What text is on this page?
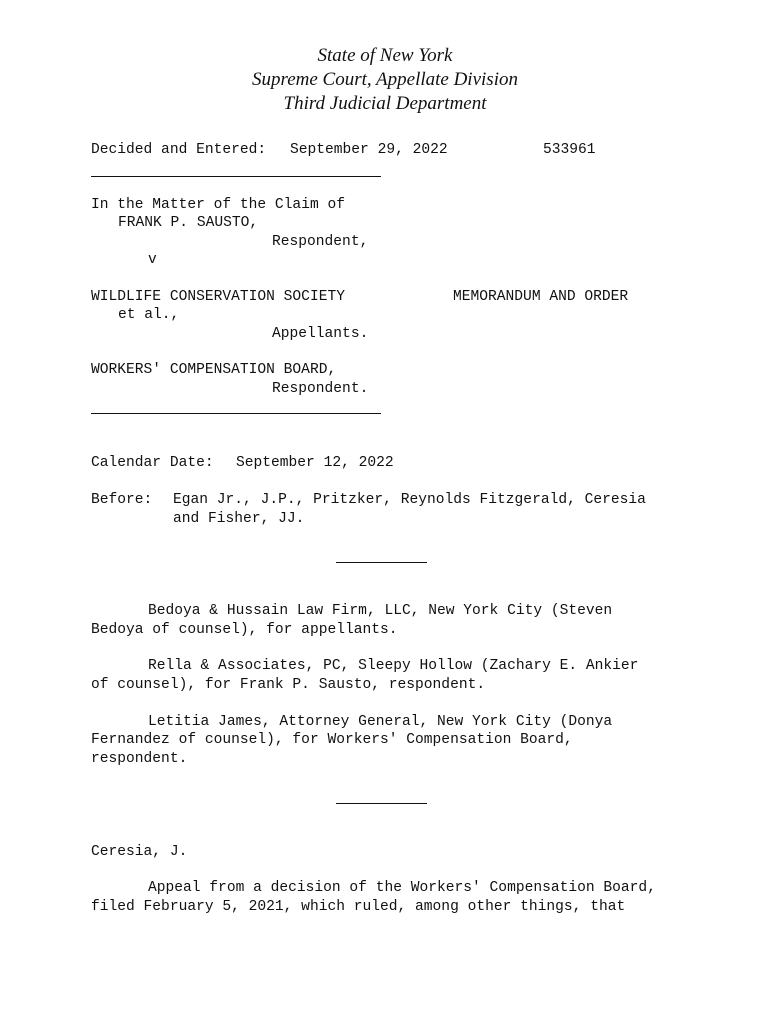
State of New York
Supreme Court, Appellate Division
Third Judicial Department
Decided and Entered: September 29, 2022	533961
In the Matter of the Claim of
FRANK P. SAUSTO,
Respondent,
v
WILDLIFE CONSERVATION SOCIETY	MEMORANDUM AND ORDER
et al.,
Appellants.
WORKERS' COMPENSATION BOARD,
Respondent.
Calendar Date: September 12, 2022
Before: Egan Jr., J.P., Pritzker, Reynolds Fitzgerald, Ceresia
and Fisher, JJ.
Bedoya & Hussain Law Firm, LLC, New York City (Steven
Bedoya of counsel), for appellants.
Rella & Associates, PC, Sleepy Hollow (Zachary E. Ankier
of counsel), for Frank P. Sausto, respondent.
Letitia James, Attorney General, New York City (Donya
Fernandez of counsel), for Workers' Compensation Board,
respondent.
Ceresia, J.
Appeal from a decision of the Workers' Compensation Board,
filed February 5, 2021, which ruled, among other things, that
